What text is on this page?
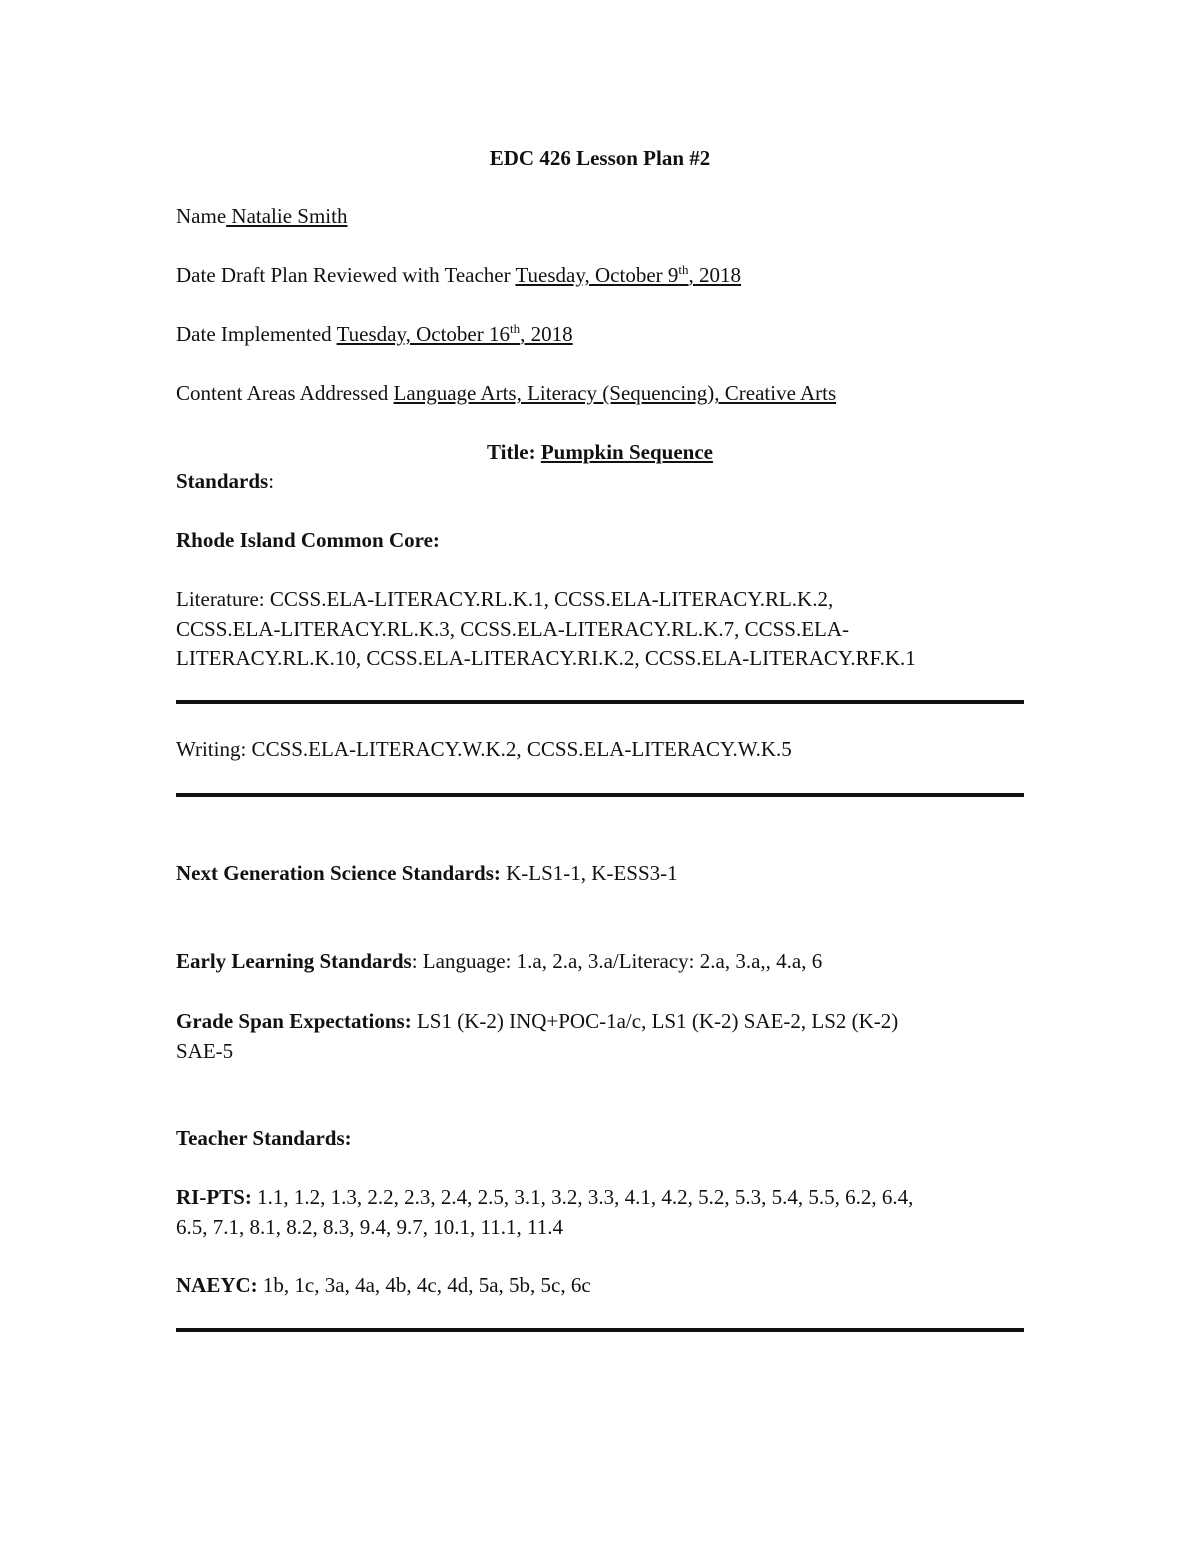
EDC 426 Lesson Plan #2
Name Natalie Smith
Date Draft Plan Reviewed with Teacher Tuesday, October 9th, 2018
Date Implemented Tuesday, October 16th, 2018
Content Areas Addressed Language Arts, Literacy (Sequencing), Creative Arts
Title: Pumpkin Sequence
Standards:
Rhode Island Common Core:
Literature: CCSS.ELA-LITERACY.RL.K.1, CCSS.ELA-LITERACY.RL.K.2,
CCSS.ELA-LITERACY.RL.K.3, CCSS.ELA-LITERACY.RL.K.7, CCSS.ELA-
LITERACY.RL.K.10, CCSS.ELA-LITERACY.RI.K.2, CCSS.ELA-LITERACY.RF.K.1
Writing: CCSS.ELA-LITERACY.W.K.2, CCSS.ELA-LITERACY.W.K.5
Next Generation Science Standards: K-LS1-1, K-ESS3-1
Early Learning Standards: Language: 1.a, 2.a, 3.a/Literacy: 2.a, 3.a,, 4.a, 6
Grade Span Expectations: LS1 (K-2) INQ+POC-1a/c, LS1 (K-2) SAE-2, LS2 (K-2)
SAE-5
Teacher Standards:
RI-PTS: 1.1, 1.2, 1.3, 2.2, 2.3, 2.4, 2.5, 3.1, 3.2, 3.3, 4.1, 4.2, 5.2, 5.3, 5.4, 5.5, 6.2, 6.4,
6.5, 7.1, 8.1, 8.2, 8.3, 9.4, 9.7, 10.1, 11.1, 11.4
NAEYC: 1b, 1c, 3a, 4a, 4b, 4c, 4d, 5a, 5b, 5c, 6c
